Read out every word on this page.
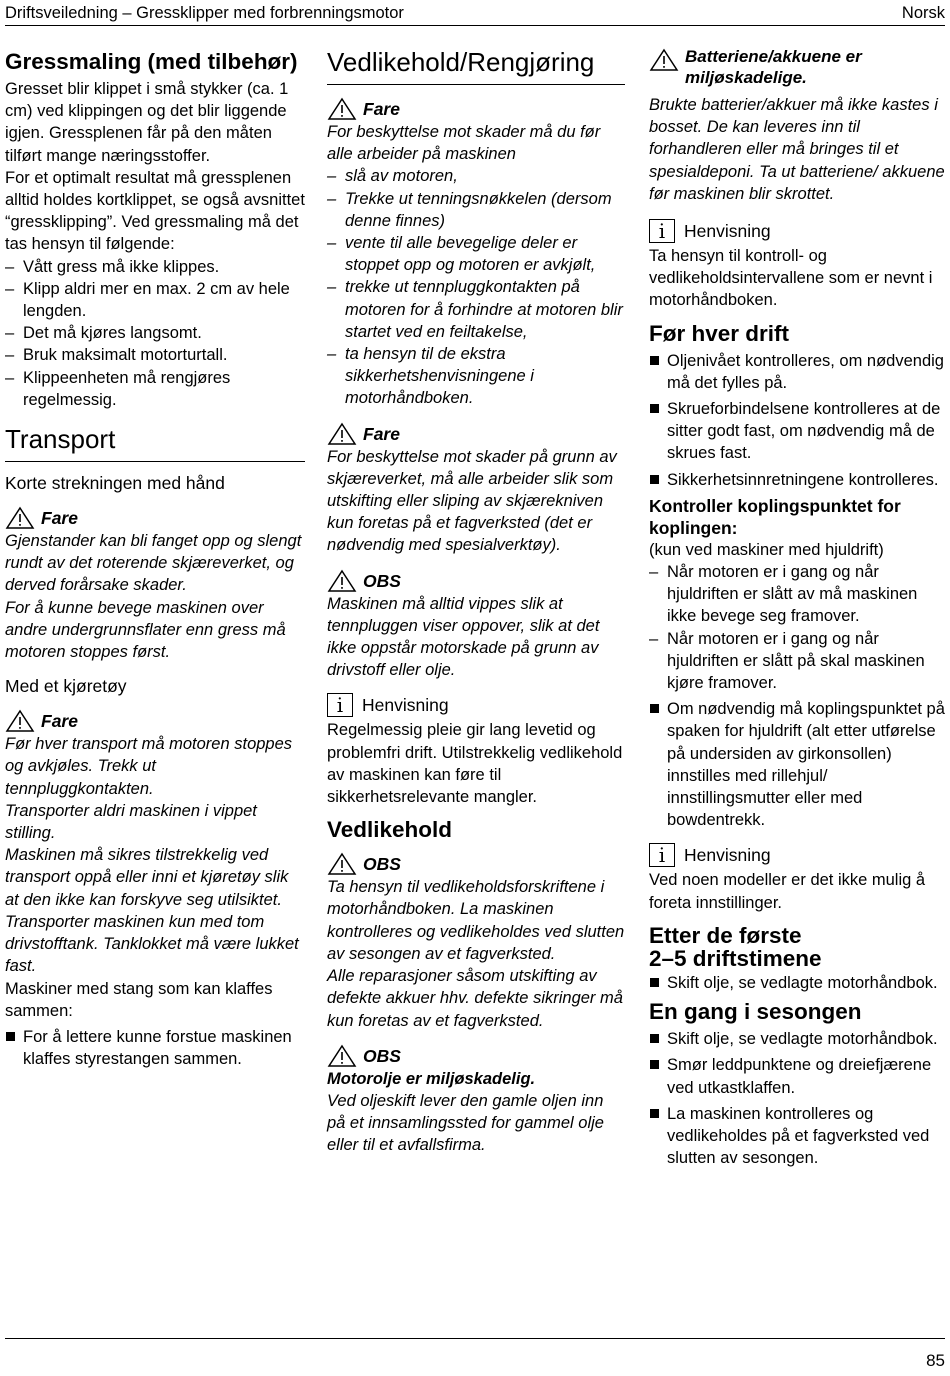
Driftsveiledning – Gressklipper med forbrenningsmotor	Norsk
Gressmaling (med tilbehør)

Gresset blir klippet i små stykker (ca. 1 cm) ved klippingen og det blir liggende igjen. Gressplenen får på den måten tilført mange næringsstoffer.

For et optimalt resultat må gressplenen alltid holdes kortklippet, se også avsnittet “gressklipping”. Ved gressmaling må det tas hensyn til følgende:

– Vått gress må ikke klippes.
– Klipp aldri mer en max. 2 cm av hele lengden.
– Det må kjøres langsomt.
– Bruk maksimalt motorturtall.
– Klippeenheten må rengjøres regelmessig.
Transport
Korte strekningen med hånd
Fare

Gjenstander kan bli fanget opp og slengt rundt av det roterende skjæreverket, og derved forårsake skader.

For å kunne bevege maskinen over andre undergrunnsflater enn gress må motoren stoppes først.

Med et kjøretøy
Fare

Før hver transport må motoren stoppes og avkjøles. Trekk ut tennpluggkontakten.

Transporter aldri maskinen i vippet stilling.

Maskinen må sikres tilstrekkelig ved transport oppå eller inni et kjøretøy slik at den ikke kan forskyve seg utilsiktet.

Transporter maskinen kun med tom drivstofftank. Tanklokket må være lukket fast.

Maskiner med stang som kan klaffes sammen:

For å lettere kunne forstue maskinen klaffes styrestangen sammen.
Vedlikehold/Rengjøring
Fare

For beskyttelse mot skader må du før alle arbeider på maskinen

– slå av motoren,
– Trekke ut tenningsnøkkelen (dersom denne finnes)
– vente til alle bevegelige deler er stoppet opp og motoren er avkjølt,
– trekke ut tennpluggkontakten på motoren for å forhindre at motoren blir startet ved en feiltakelse,
– ta hensyn til de ekstra sikkerhetshenvisningene i motorhåndboken.
Fare

For beskyttelse mot skader på grunn av skjæreverket, må alle arbeider slik som utskifting eller sliping av skjærekniven kun foretas på et fagverksted (det er nødvendig med spesialverktøy).

OBS

Maskinen må alltid vippes slik at tennpluggen viser oppover, slik at det ikke oppstår motorskade på grunn av drivstoff eller olje.

i	Henvisning

Regelmessig pleie gir lang levetid og problemfri drift. Utilstrekkelig vedlikehold av maskinen kan føre til sikkerhetsrelevante mangler.

Vedlikehold
OBS

Ta hensyn til vedlikeholdsforskriftene i motorhåndboken. La maskinen kontrolleres og vedlikeholdes ved slutten av sesongen av et fagverksted.

Alle reparasjoner såsom utskifting av defekte akkuer hhv. defekte sikringer må kun foretas av et fagverksted.

OBS

Motorolje er miljøskadelig.

Ved oljeskift lever den gamle oljen inn på et innsamlingssted for gammel olje eller til et avfallsfirma.

Batteriene/akkuene er miljøskadelige.

Brukte batterier/akkuer må ikke kastes i bosset. De kan leveres inn til forhandleren eller må bringes til et spesialdeponi. Ta ut batteriene/ akkuene før maskinen blir skrottet.

i	Henvisning

Ta hensyn til kontroll- og vedlikeholdsintervallene som er nevnt i motorhåndboken.

Før hver drift
Oljenivået kontrolleres, om nødvendig må det fylles på.
Skrueforbindelsene kontrolleres at de sitter godt fast, om nødvendig må de skrues fast.
Sikkerhetsinnretningene kontrolleres.
Kontroller koplingspunktet for koplingen:

(kun ved maskiner med hjuldrift)

– Når motoren er i gang og når hjuldriften er slått av må maskinen ikke bevege seg framover.
– Når motoren er i gang og når hjuldriften er slått på skal maskinen kjøre framover.
Om nødvendig må koplingspunktet på spaken for hjuldrift (alt etter utførelse på undersiden av girkonsollen) innstilles med rillehjul/ innstillingsmutter eller med bowdentrekk.
i	Henvisning

Ved noen modeller er det ikke mulig å foreta innstillinger.

Etter de første
2–5 driftstimene
Skift olje, se vedlagte motorhåndbok.
En gang i sesongen
Skift olje, se vedlagte motorhåndbok.
Smør leddpunktene og dreiefjærene ved utkastklaffen.
La maskinen kontrolleres og vedlikeholdes på et fagverksted ved slutten av sesongen.
85
